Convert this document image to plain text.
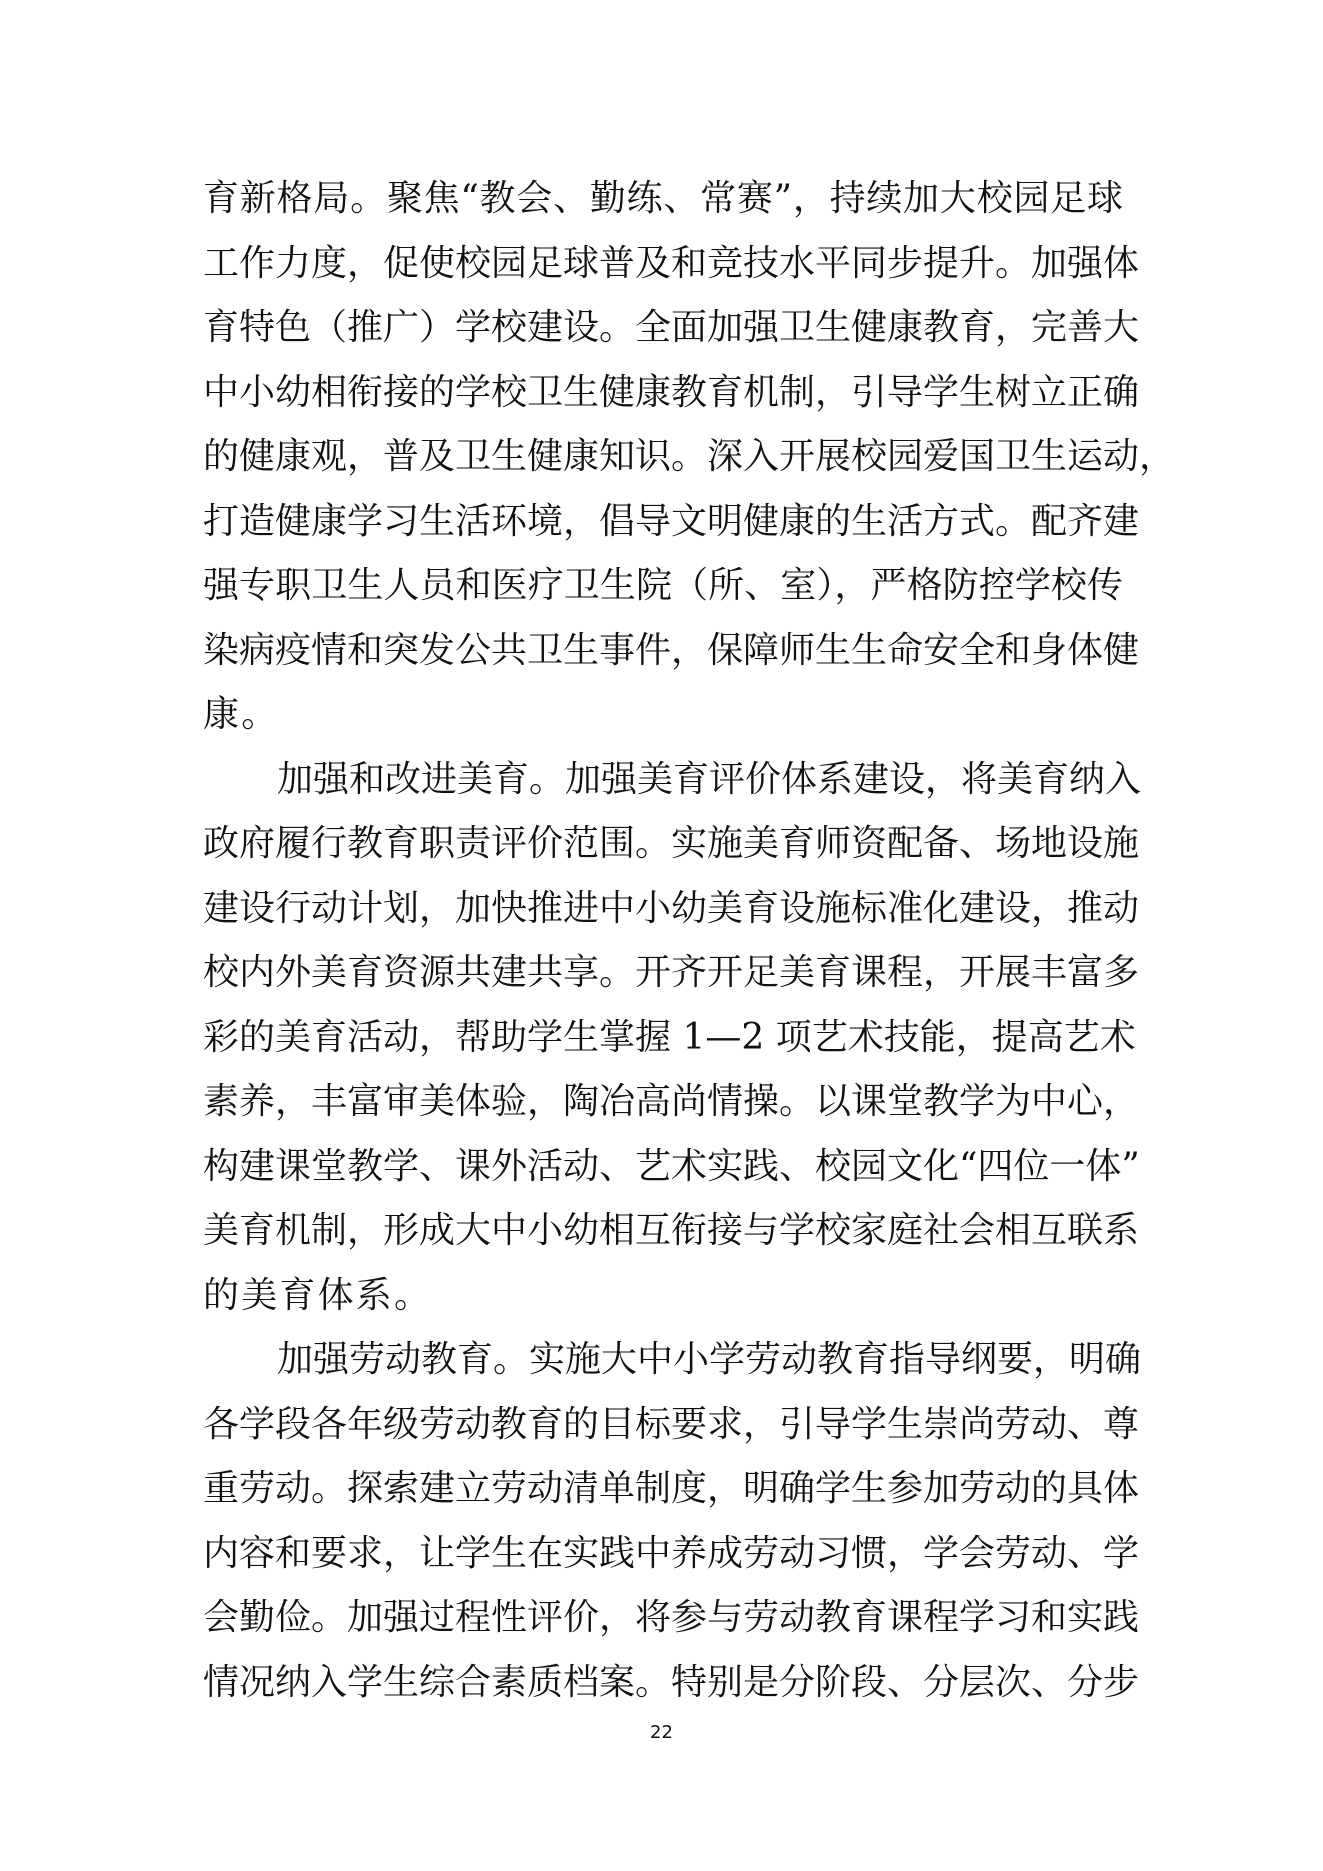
育新格局。聚焦“教会、勤练、常赛”，持续加大校园足球
工作力度，促使校园足球普及和竞技水平同步提升。加强体
育特色（推广）学校建设。全面加强卫生健康教育，完善大
中小幼相衔接的学校卫生健康教育机制，引导学生树立正确
的健康观，普及卫生健康知识。深入开展校园爱国卫生运动，
打造健康学习生活环境，倡导文明健康的生活方式。配齐建
强专职卫生人员和医疗卫生院（所、室），严格防控学校传
染病疫情和突发公共卫生事件，保障师生生命安全和身体健
康。
加强和改进美育。加强美育评价体系建设，将美育纳入
政府履行教育职责评价范围。实施美育师资配备、场地设施
建设行动计划，加快推进中小幼美育设施标准化建设，推动
校内外美育资源共建共享。开齐开足美育课程，开展丰富多
彩的美育活动，帮助学生掌握 1—2 项艺术技能，提高艺术
素养，丰富审美体验，陶冶高尚情操。以课堂教学为中心，
构建课堂教学、课外活动、艺术实践、校园文化“四位一体”
美育机制，形成大中小幼相互衔接与学校家庭社会相互联系
的美育体系。
加强劳动教育。实施大中小学劳动教育指导纲要，明确
各学段各年级劳动教育的目标要求，引导学生崇尚劳动、尊
重劳动。探索建立劳动清单制度，明确学生参加劳动的具体
内容和要求，让学生在实践中养成劳动习惯，学会劳动、学
会勤俭。加强过程性评价，将参与劳动教育课程学习和实践
情况纳入学生综合素质档案。特别是分阶段、分层次、分步
22
